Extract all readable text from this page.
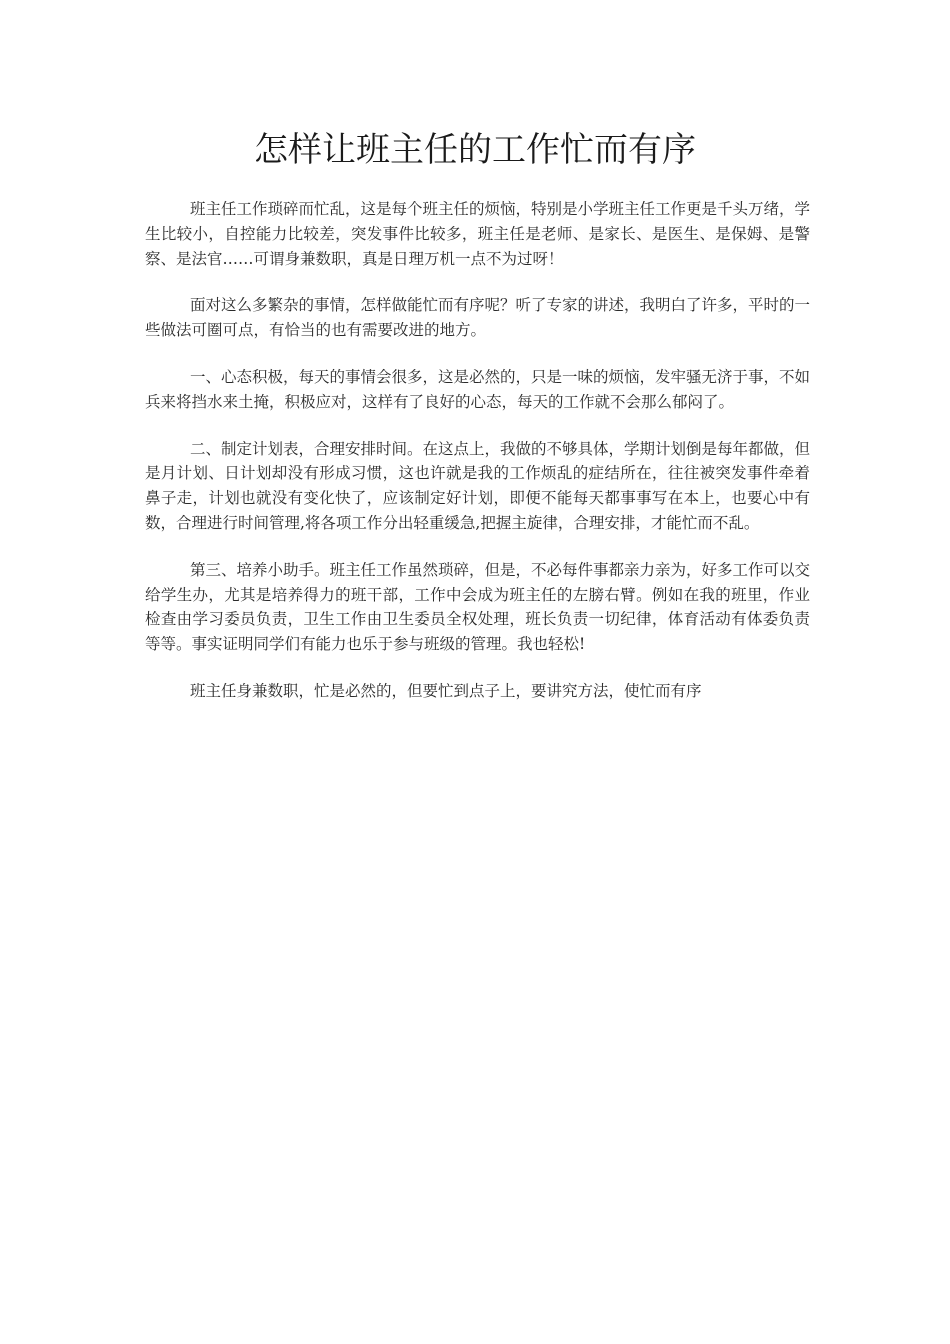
怎样让班主任的工作忙而有序

班主任工作琐碎而忙乱，这是每个班主任的烦恼，特别是小学班主任工作更是千头万绪，学生比较小，自控能力比较差，突发事件比较多，班主任是老师、是家长、是医生、是保姆、是警察、是法官……可谓身兼数职，真是日理万机一点不为过呀！

面对这么多繁杂的事情，怎样做能忙而有序呢？听了专家的讲述，我明白了许多，平时的一些做法可圈可点，有恰当的也有需要改进的地方。

一、心态积极，每天的事情会很多，这是必然的，只是一味的烦恼，发牢骚无济于事，不如兵来将挡水来土掩，积极应对，这样有了良好的心态，每天的工作就不会那么郁闷了。

二、制定计划表，合理安排时间。在这点上，我做的不够具体，学期计划倒是每年都做，但是月计划、日计划却没有形成习惯，这也许就是我的工作烦乱的症结所在，往往被突发事件牵着鼻子走，计划也就没有变化快了，应该制定好计划，即便不能每天都事事写在本上，也要心中有数，合理进行时间管理,将各项工作分出轻重缓急,把握主旋律，合理安排，才能忙而不乱。

第三、培养小助手。班主任工作虽然琐碎，但是，不必每件事都亲力亲为，好多工作可以交给学生办，尤其是培养得力的班干部，工作中会成为班主任的左膀右臂。例如在我的班里，作业检查由学习委员负责，卫生工作由卫生委员全权处理，班长负责一切纪律，体育活动有体委负责等等。事实证明同学们有能力也乐于参与班级的管理。我也轻松!

班主任身兼数职，忙是必然的，但要忙到点子上，要讲究方法，使忙而有序
